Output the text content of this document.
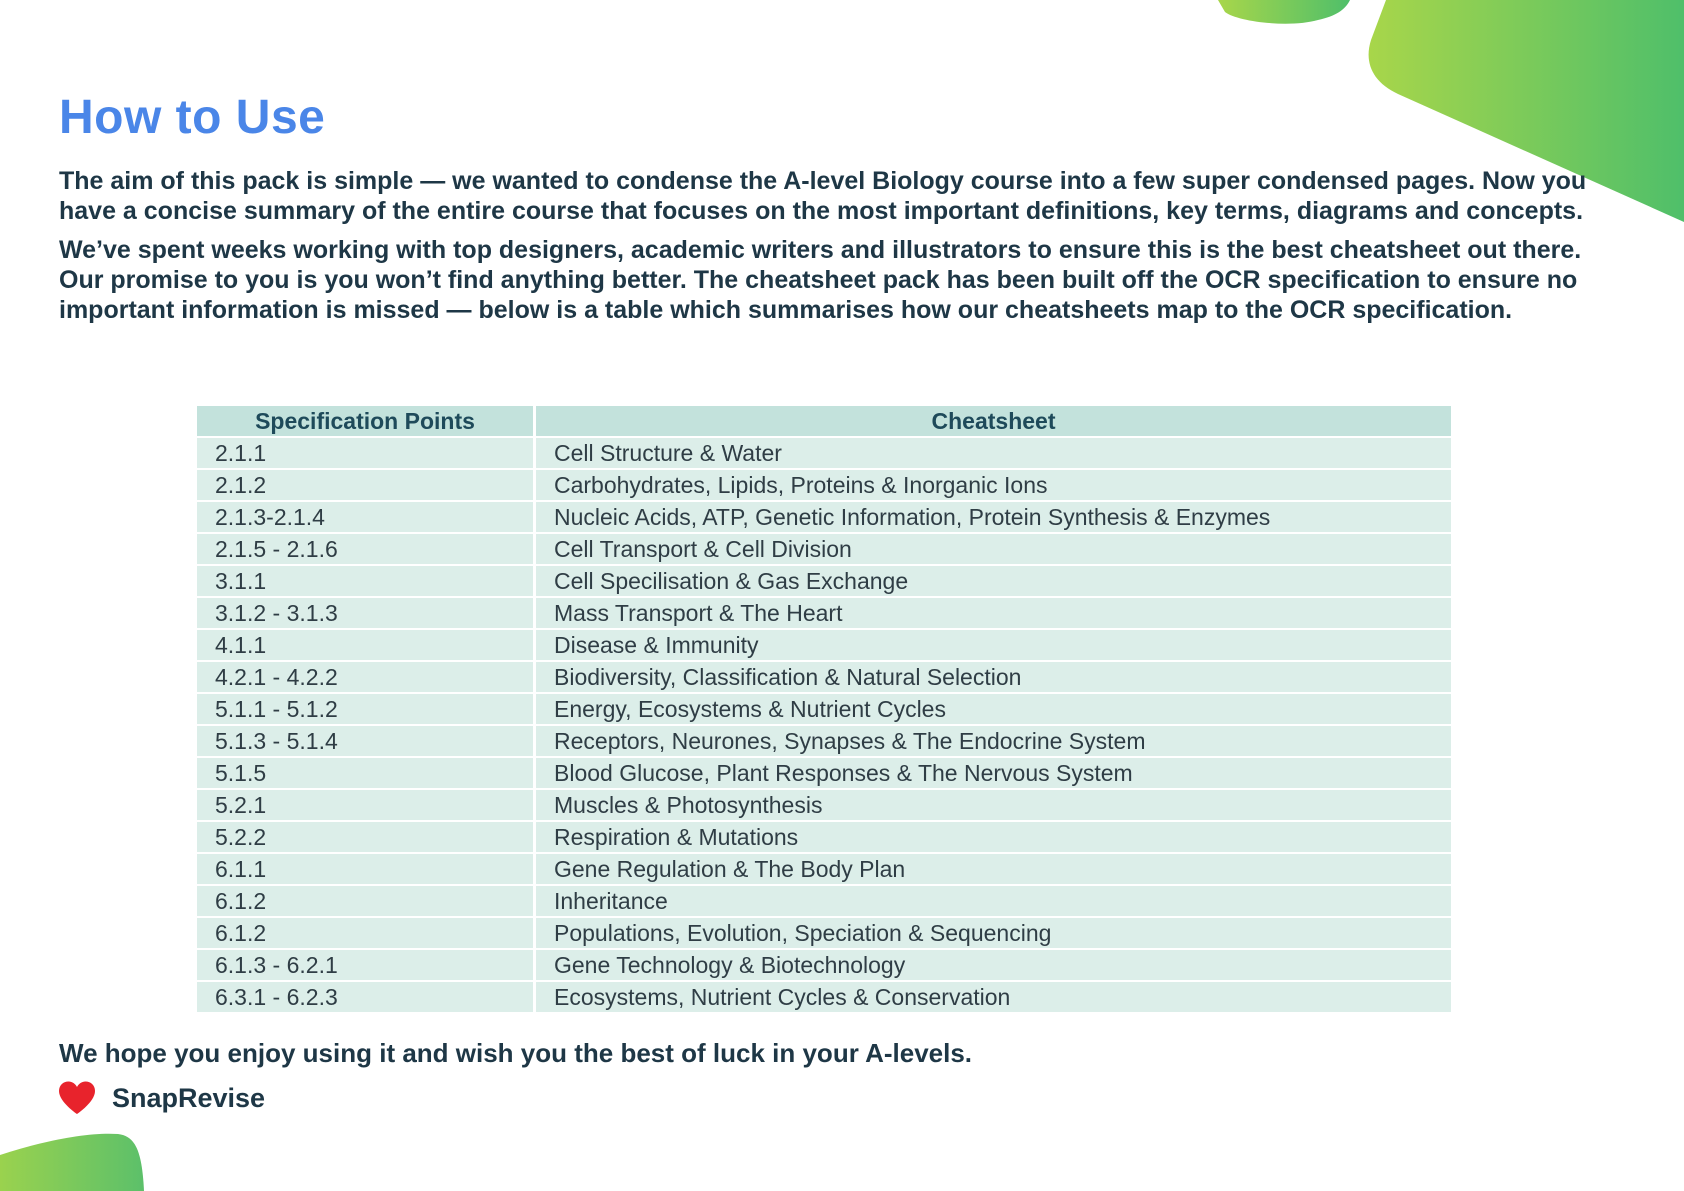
How to Use

The aim of this pack is simple — we wanted to condense the A-level Biology course into a few super condensed pages. Now you have a concise summary of the entire course that focuses on the most important definitions, key terms, diagrams and concepts.

We’ve spent weeks working with top designers, academic writers and illustrators to ensure this is the best cheatsheet out there. Our promise to you is you won’t find anything better. The cheatsheet pack has been built off the OCR specification to ensure no important information is missed — below is a table which summarises how our cheatsheets map to the OCR specification.

Specification Points	Cheatsheet
2.1.1	Cell Structure & Water
2.1.2	Carbohydrates, Lipids, Proteins & Inorganic Ions
2.1.3-2.1.4	Nucleic Acids, ATP, Genetic Information, Protein Synthesis & Enzymes
2.1.5 - 2.1.6	Cell Transport & Cell Division
3.1.1	Cell Specilisation & Gas Exchange
3.1.2 - 3.1.3	Mass Transport & The Heart
4.1.1	Disease & Immunity
4.2.1 - 4.2.2	Biodiversity, Classification & Natural Selection
5.1.1 - 5.1.2	Energy, Ecosystems & Nutrient Cycles
5.1.3 - 5.1.4	Receptors, Neurones, Synapses & The Endocrine System
5.1.5	Blood Glucose, Plant Responses & The Nervous System
5.2.1	Muscles & Photosynthesis
5.2.2	Respiration & Mutations
6.1.1	Gene Regulation & The Body Plan
6.1.2	Inheritance
6.1.2	Populations, Evolution, Speciation & Sequencing
6.1.3 - 6.2.1	Gene Technology & Biotechnology
6.3.1 - 6.2.3	Ecosystems, Nutrient Cycles & Conservation

We hope you enjoy using it and wish you the best of luck in your A-levels.

SnapRevise
